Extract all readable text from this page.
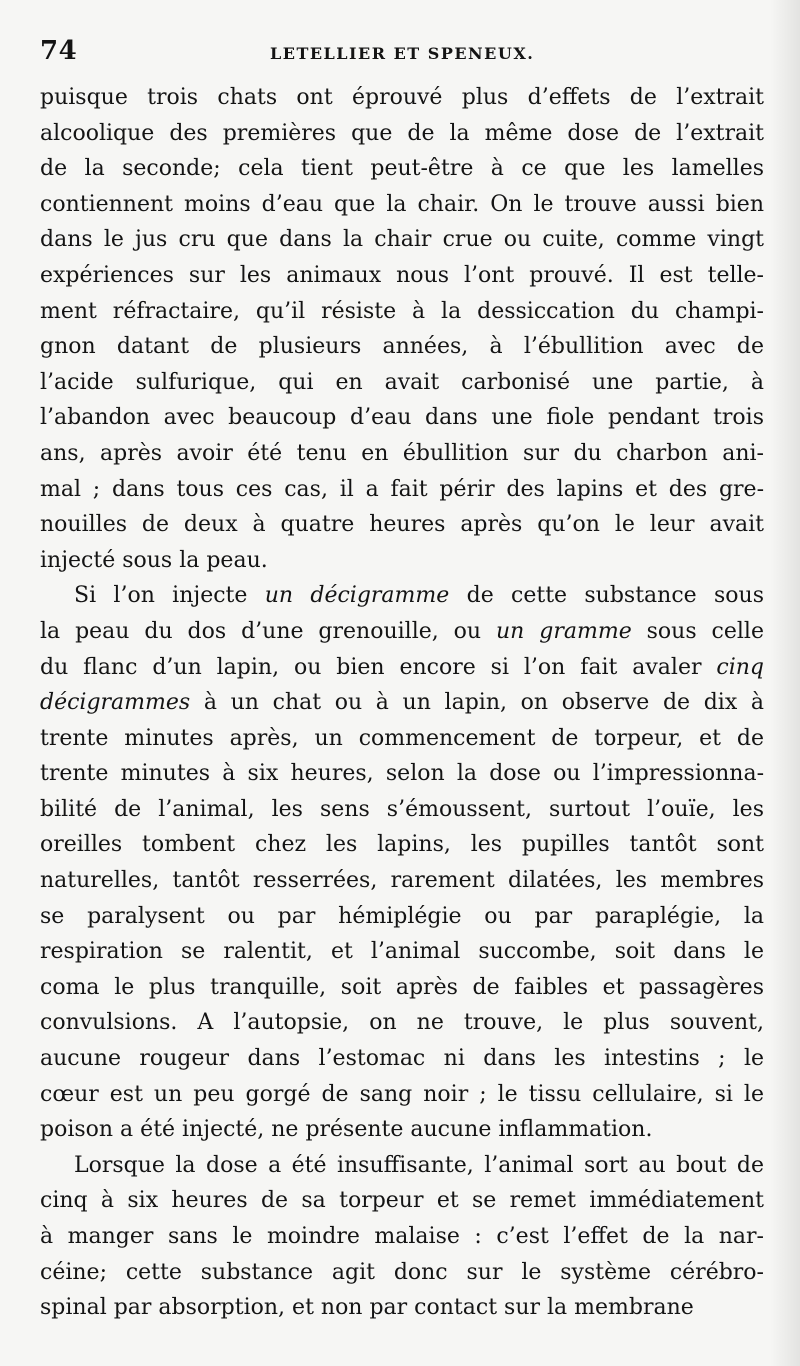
74	LETELLIER ET SPENEUX.
puisque trois chats ont éprouvé plus d’effets de l’extrait
alcoolique des premières que de la même dose de l’extrait
de la seconde; cela tient peut-être à ce que les lamelles
contiennent moins d’eau que la chair. On le trouve aussi bien
dans le jus cru que dans la chair crue ou cuite, comme vingt
expériences sur les animaux nous l’ont prouvé. Il est telle-
ment réfractaire, qu’il résiste à la dessiccation du champi-
gnon datant de plusieurs années, à l’ébullition avec de
l’acide sulfurique, qui en avait carbonisé une partie, à
l’abandon avec beaucoup d’eau dans une fiole pendant trois
ans, après avoir été tenu en ébullition sur du charbon ani-
mal ; dans tous ces cas, il a fait périr des lapins et des gre-
nouilles de deux à quatre heures après qu’on le leur avait
injecté sous la peau.
Si l’on injecte un décigramme de cette substance sous
la peau du dos d’une grenouille, ou un gramme sous celle
du flanc d’un lapin, ou bien encore si l’on fait avaler cinq
décigrammes à un chat ou à un lapin, on observe de dix à
trente minutes après, un commencement de torpeur, et de
trente minutes à six heures, selon la dose ou l’impressionna-
bilité de l’animal, les sens s’émoussent, surtout l’ouïe, les
oreilles tombent chez les lapins, les pupilles tantôt sont
naturelles, tantôt resserrées, rarement dilatées, les membres
se paralysent ou par hémiplégie ou par paraplégie, la
respiration se ralentit, et l’animal succombe, soit dans le
coma le plus tranquille, soit après de faibles et passagères
convulsions. A l’autopsie, on ne trouve, le plus souvent,
aucune rougeur dans l’estomac ni dans les intestins ; le
cœur est un peu gorgé de sang noir ; le tissu cellulaire, si le
poison a été injecté, ne présente aucune inflammation.
Lorsque la dose a été insuffisante, l’animal sort au bout de
cinq à six heures de sa torpeur et se remet immédiatement
à manger sans le moindre malaise : c’est l’effet de la nar-
céine; cette substance agit donc sur le système cérébro-
spinal par absorption, et non par contact sur la membrane
